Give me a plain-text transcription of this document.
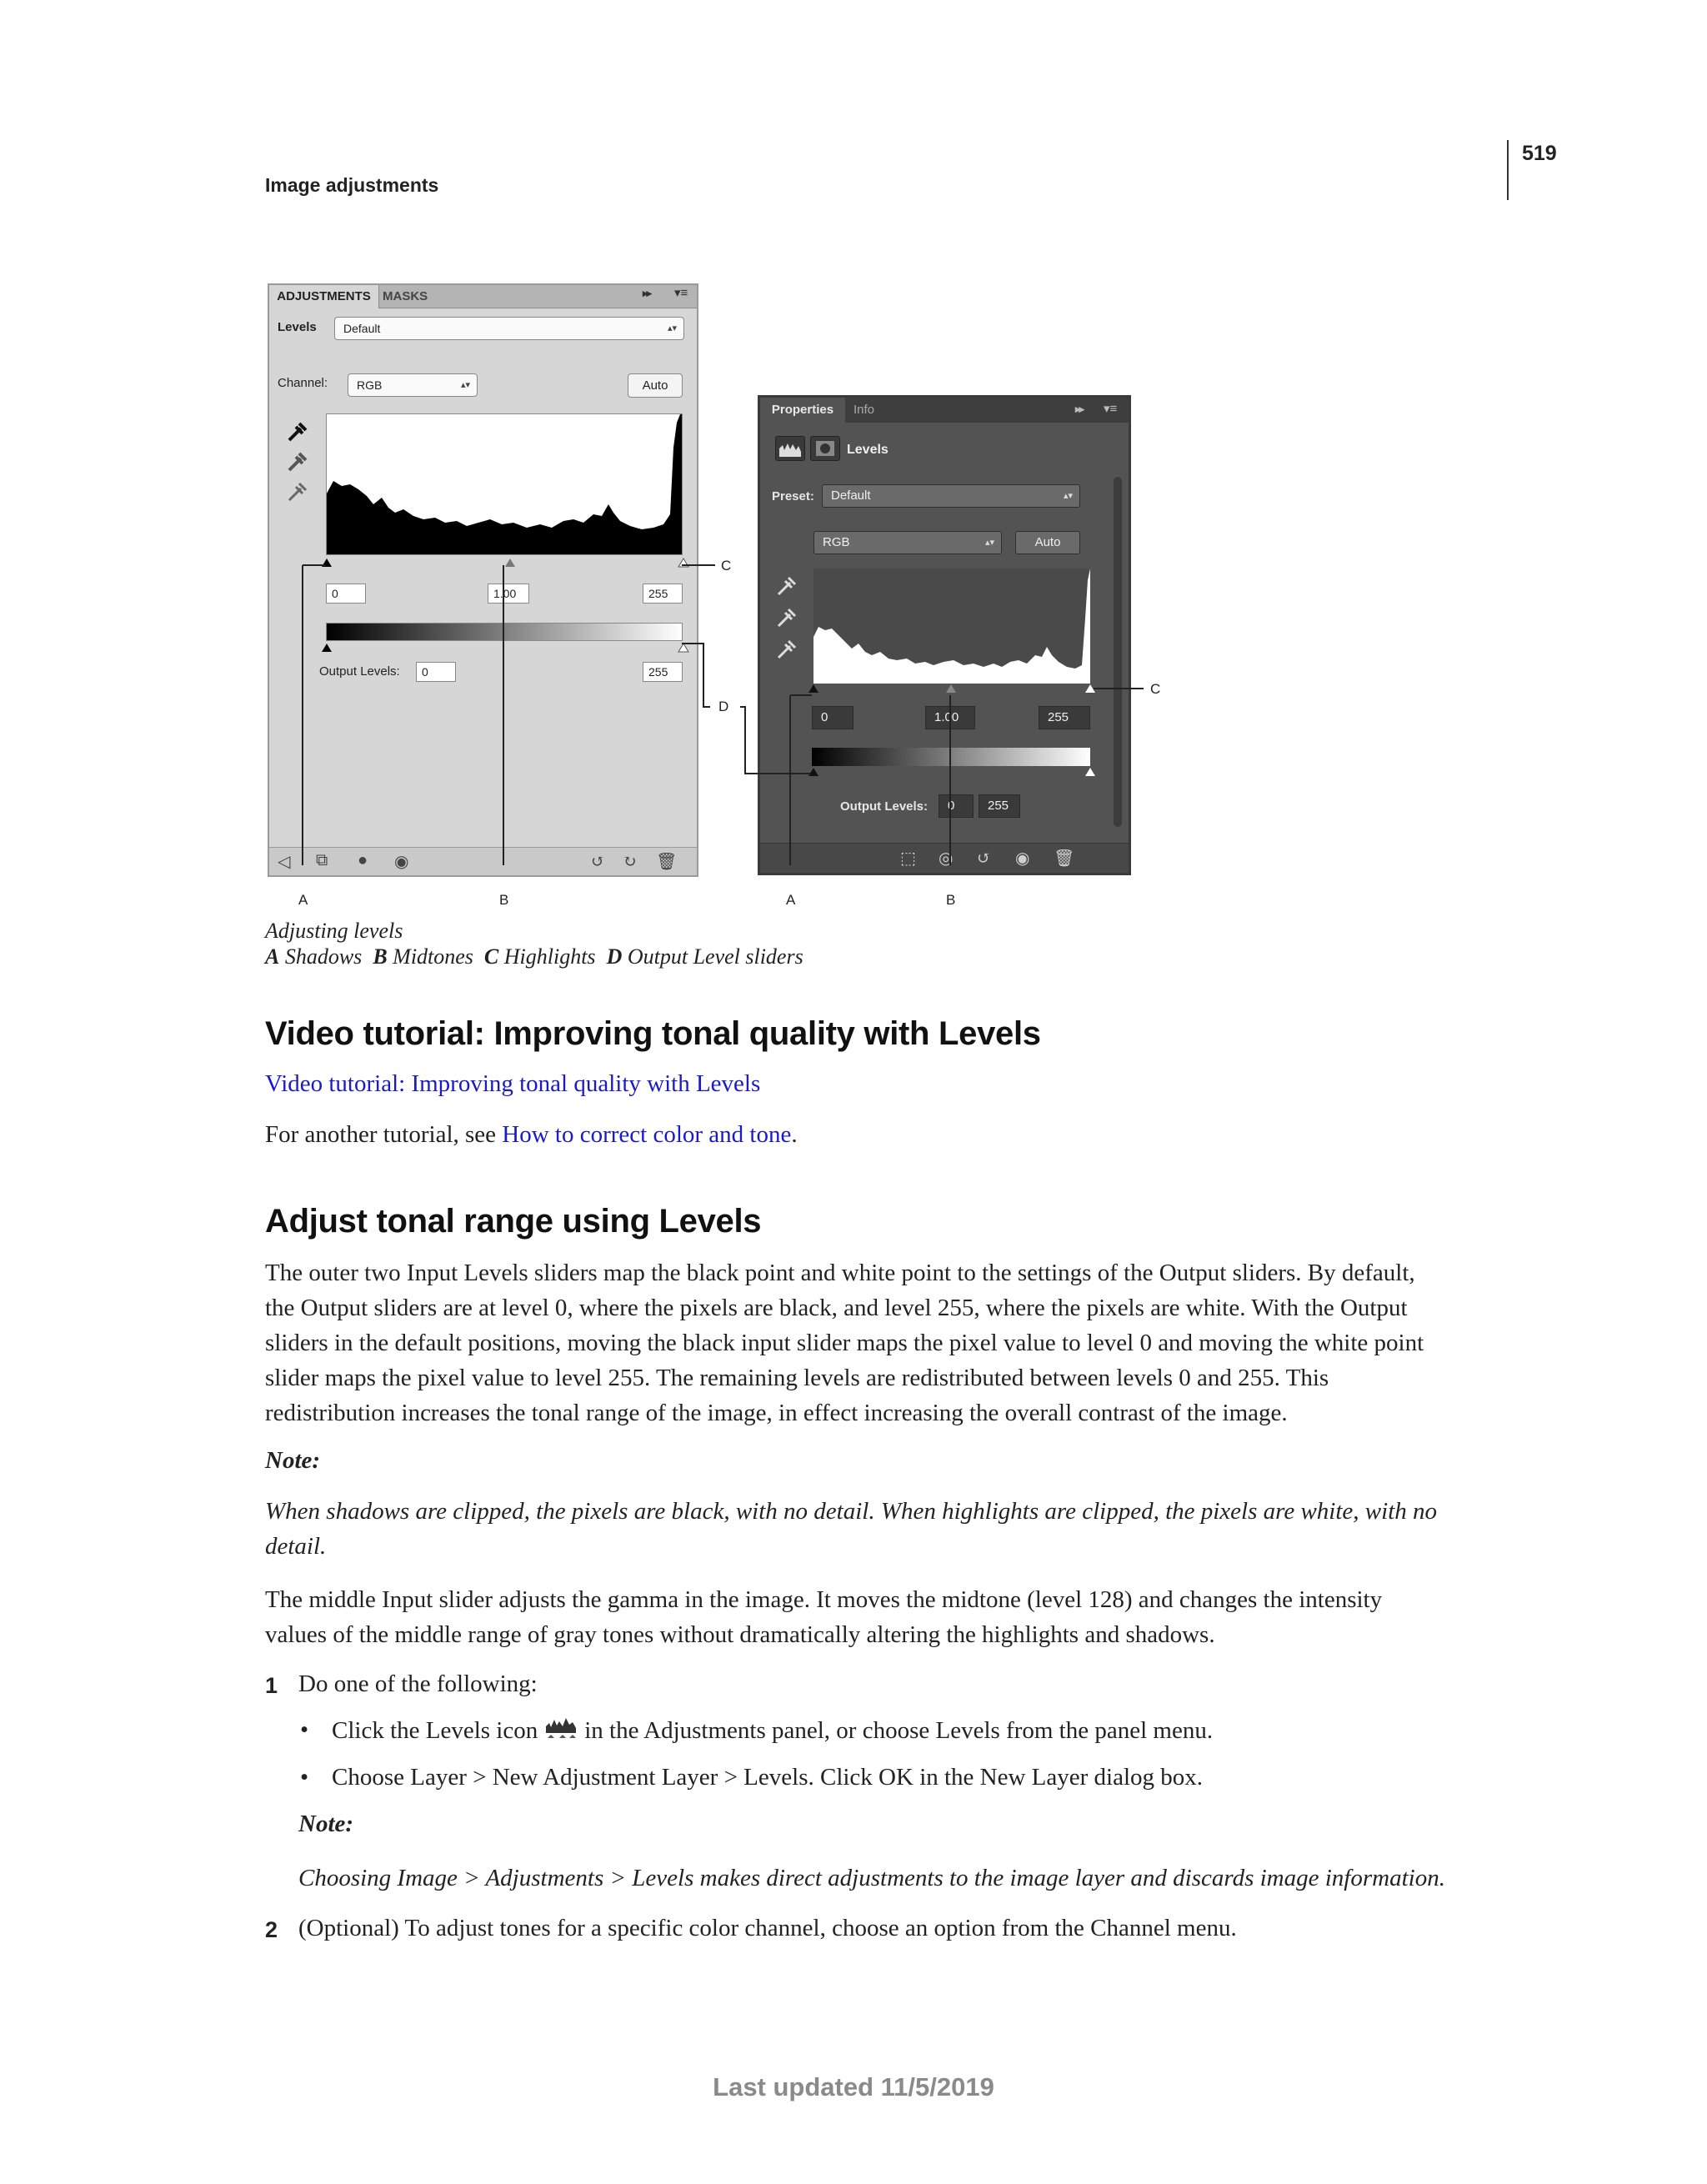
519
Image adjustments
ADJUSTMENTS MASKS	▸▸ ▾≡
Levels	Default	▴▾
Channel:	RGB	▴▾	Auto
0	1.00	255
Output Levels:	0	255
◁ ⧉ ● ◉	↺ ↻ 🗑
Properties	Info	▸▸ ▾≡
Levels
Preset:	Default	▴▾
RGB	▴▾	Auto
0	1.00	255
Output Levels:	0	255
⬚ ◎ ↺ ◉ 🗑
A	B
C
D
A	B
C
Adjusting levels
A Shadows B Midtones C Highlights D Output Level sliders
Video tutorial: Improving tonal quality with Levels
Video tutorial: Improving tonal quality with Levels
For another tutorial, see How to correct color and tone.
Adjust tonal range using Levels
The outer two Input Levels sliders map the black point and white point to the settings of the Output sliders. By default,
the Output sliders are at level 0, where the pixels are black, and level 255, where the pixels are white. With the Output
sliders in the default positions, moving the black input slider maps the pixel value to level 0 and moving the white point
slider maps the pixel value to level 255. The remaining levels are redistributed between levels 0 and 255. This
redistribution increases the tonal range of the image, in effect increasing the overall contrast of the image.
Note:
When shadows are clipped, the pixels are black, with no detail. When highlights are clipped, the pixels are white, with no
detail.
The middle Input slider adjusts the gamma in the image. It moves the midtone (level 128) and changes the intensity
values of the middle range of gray tones without dramatically altering the highlights and shadows.
1 Do one of the following:
• Click the Levels icon in the Adjustments panel, or choose Levels from the panel menu.
• Choose Layer > New Adjustment Layer > Levels. Click OK in the New Layer dialog box.
Note:
Choosing Image > Adjustments > Levels makes direct adjustments to the image layer and discards image information.
2 (Optional) To adjust tones for a specific color channel, choose an option from the Channel menu.
Last updated 11/5/2019
